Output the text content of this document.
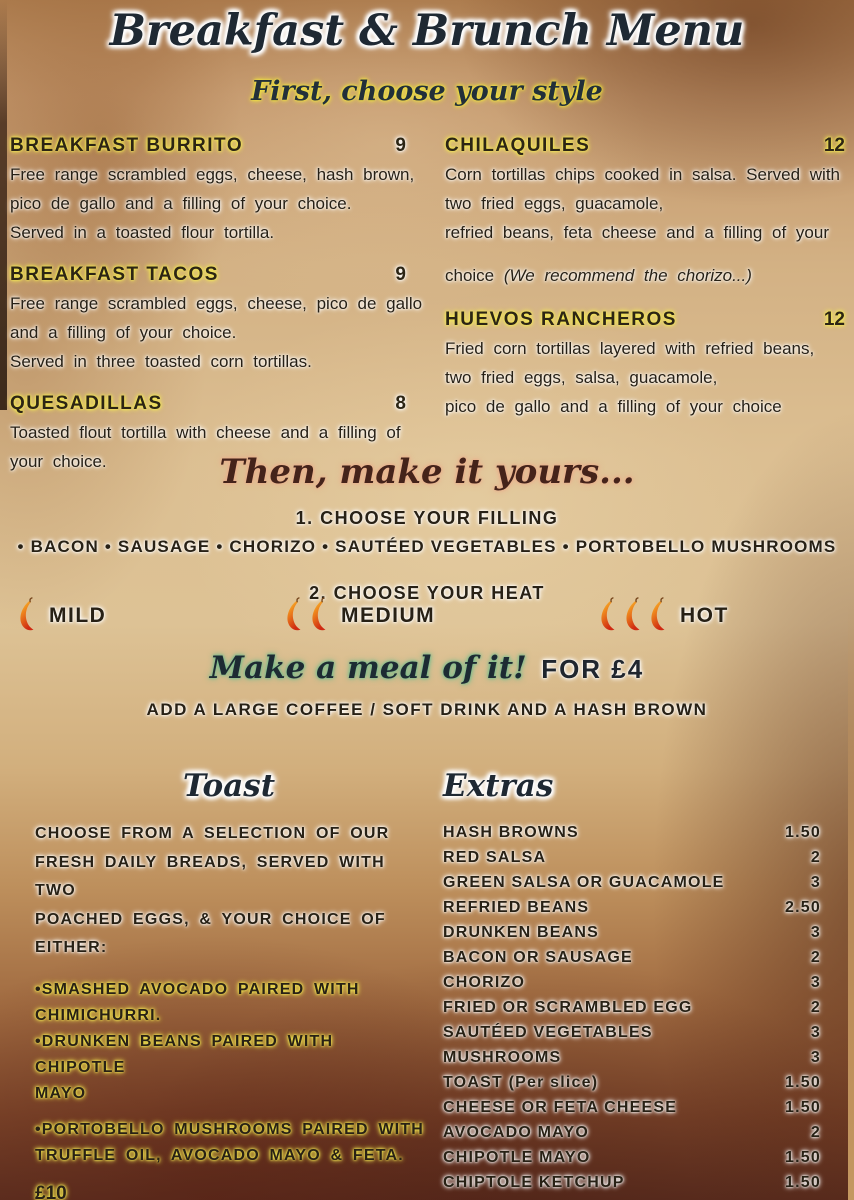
Breakfast & Brunch Menu
First, choose your style
BREAKFAST BURRITO	9
Free range scrambled eggs, cheese, hash brown,
pico de gallo and a filling of your choice.
Served in a toasted flour tortilla.
BREAKFAST TACOS	9
Free range scrambled eggs, cheese, pico de gallo
and a filling of your choice.
Served in three toasted corn tortillas.
QUESADILLAS	8
Toasted flout tortilla with cheese and a filling of
your choice.
CHILAQUILES	12
Corn tortillas chips cooked in salsa. Served with
two fried eggs, guacamole,
refried beans, feta cheese and a filling of your
choice (We recommend the chorizo...)
HUEVOS RANCHEROS	12
Fried corn tortillas layered with refried beans,
two fried eggs, salsa, guacamole,
pico de gallo and a filling of your choice
Then, make it yours...
1. CHOOSE YOUR FILLING
• BACON • SAUSAGE • CHORIZO • SAUTÉED VEGETABLES • PORTOBELLO MUSHROOMS
2. CHOOSE YOUR HEAT
MILD	MEDIUM	HOT
Make a meal of it! FOR £4
ADD A LARGE COFFEE / SOFT DRINK AND A HASH BROWN
Toast	Extras
CHOOSE FROM A SELECTION OF OUR
FRESH DAILY BREADS, SERVED WITH TWO
POACHED EGGS, & YOUR CHOICE OF EITHER:
•SMASHED AVOCADO PAIRED WITH
CHIMICHURRI.
•DRUNKEN BEANS PAIRED WITH CHIPOTLE
MAYO
•PORTOBELLO MUSHROOMS PAIRED WITH
TRUFFLE OIL, AVOCADO MAYO & FETA.
£10
HASH BROWNS	1.50
RED SALSA	2
GREEN SALSA OR GUACAMOLE	3
REFRIED BEANS	2.50
DRUNKEN BEANS	3
BACON OR SAUSAGE	2
CHORIZO	3
FRIED OR SCRAMBLED EGG	2
SAUTÉED VEGETABLES	3
MUSHROOMS	3
TOAST (Per slice)	1.50
CHEESE OR FETA CHEESE	1.50
AVOCADO MAYO	2
CHIPOTLE MAYO	1.50
CHIPTOLE KETCHUP	1.50
